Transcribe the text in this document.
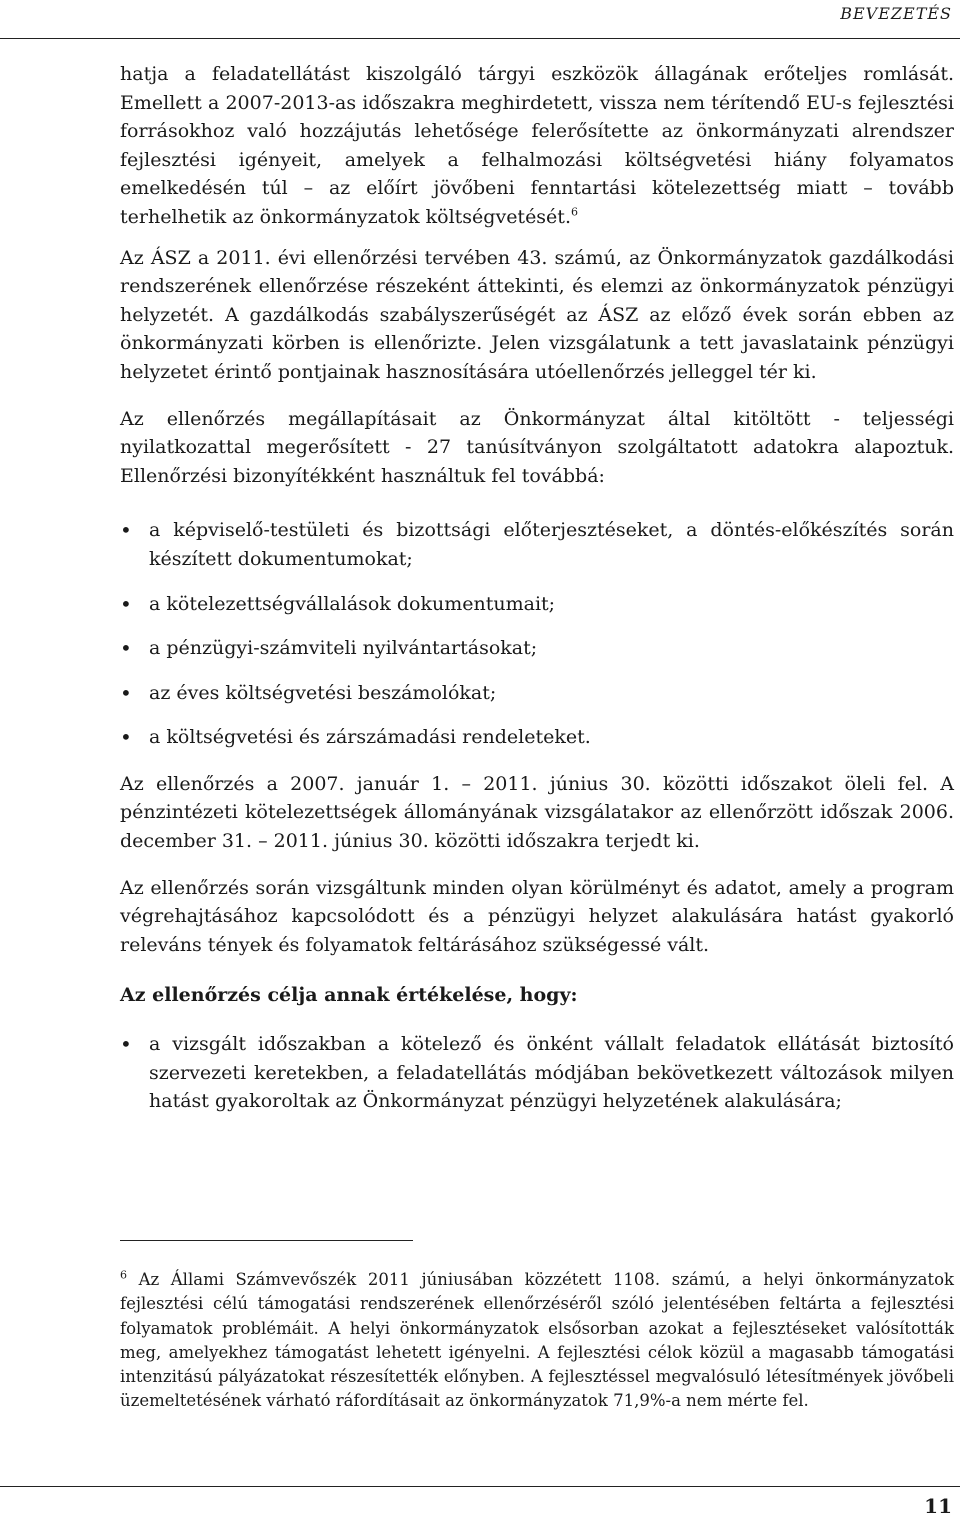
BEVEZETÉS

hatja a feladatellátást kiszolgáló tárgyi eszközök állagának erőteljes romlását. Emellett a 2007-2013-as időszakra meghirdetett, vissza nem térítendő EU-s fejlesztési forrásokhoz való hozzájutás lehetősége felerősítette az önkormányzati alrendszer fejlesztési igényeit, amelyek a felhalmozási költségvetési hiány folyamatos emelkedésén túl – az előírt jövőbeni fenntartási kötelezettség miatt – tovább terhelhetik az önkormányzatok költségvetését.$^6$

Az ÁSZ a 2011. évi ellenőrzési tervében 43. számú, az Önkormányzatok gazdálkodási rendszerének ellenőrzése részeként áttekinti, és elemzi az önkormányzatok pénzügyi helyzetét. A gazdálkodás szabályszerűségét az ÁSZ az előző évek során ebben az önkormányzati körben is ellenőrizte. Jelen vizsgálatunk a tett javaslataink pénzügyi helyzetet érintő pontjainak hasznosítására utóellenőrzés jelleggel tér ki.

Az ellenőrzés megállapításait az Önkormányzat által kitöltött - teljességi nyilatkozattal megerősített - 27 tanúsítványon szolgáltatott adatokra alapoztuk. Ellenőrzési bizonyítékként használtuk fel továbbá:

• a képviselő-testületi és bizottsági előterjesztéseket, a döntés-előkészítés során készített dokumentumokat;
• a kötelezettségvállalások dokumentumait;
• a pénzügyi-számviteli nyilvántartásokat;
• az éves költségvetési beszámolókat;
• a költségvetési és zárszámadási rendeleteket.

Az ellenőrzés a 2007. január 1. – 2011. június 30. közötti időszakot öleli fel. A pénzintézeti kötelezettségek állományának vizsgálatakor az ellenőrzött időszak 2006. december 31. – 2011. június 30. közötti időszakra terjedt ki.

Az ellenőrzés során vizsgáltunk minden olyan körülményt és adatot, amely a program végrehajtásához kapcsolódott és a pénzügyi helyzet alakulására hatást gyakorló releváns tények és folyamatok feltárásához szükségessé vált.

Az ellenőrzés célja annak értékelése, hogy:
• a vizsgált időszakban a kötelező és önként vállalt feladatok ellátását biztosító szervezeti keretekben, a feladatellátás módjában bekövetkezett változások milyen hatást gyakoroltak az Önkormányzat pénzügyi helyzetének alakulására;
$^6$ Az Állami Számvevőszék 2011 júniusában közzétett 1108. számú, a helyi önkormányzatok fejlesztési célú támogatási rendszerének ellenőrzéséről szóló jelentésében feltárta a fejlesztési folyamatok problémáit. A helyi önkormányzatok elsősorban azokat a fejlesztéseket valósították meg, amelyekhez támogatást lehetett igényelni. A fejlesztési célok közül a magasabb támogatási intenzitású pályázatokat részesítették előnyben. A fejlesztéssel megvalósuló létesítmények jövőbeli üzemeltetésének várható ráfordításait az önkormányzatok 71,9%-a nem mérte fel.
11
